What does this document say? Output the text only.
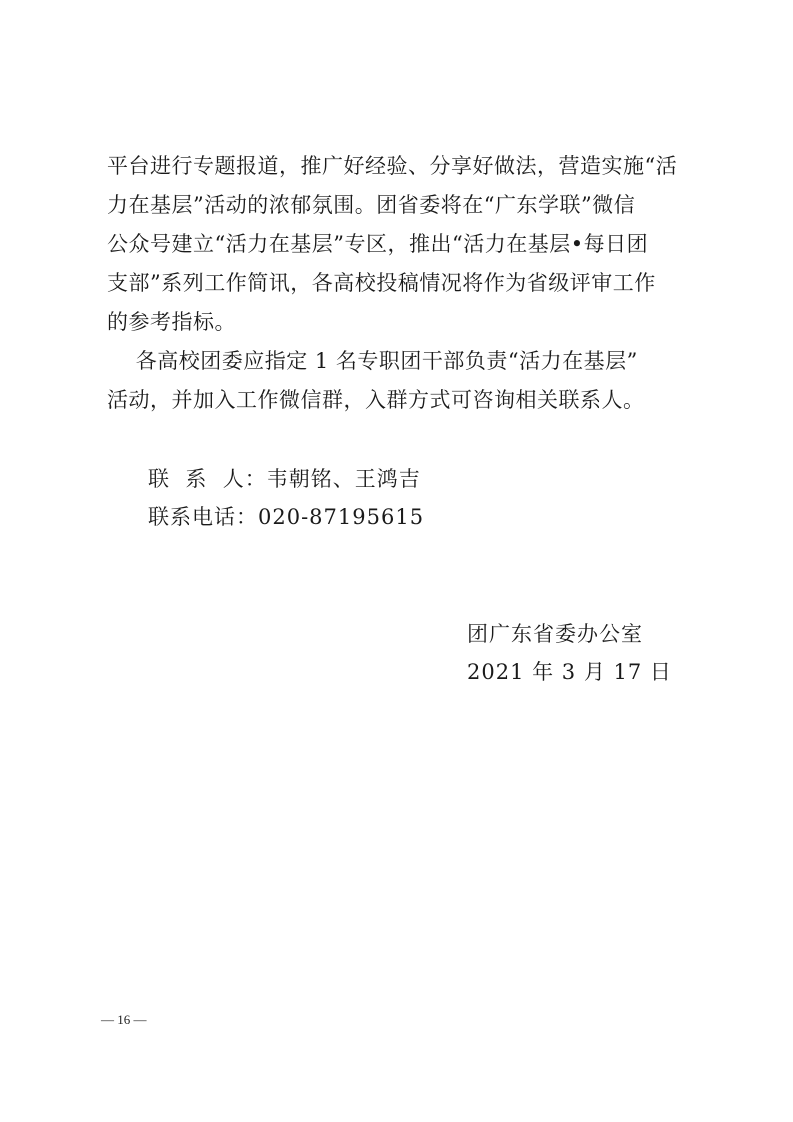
平台进行专题报道，推广好经验、分享好做法，营造实施“活
力在基层”活动的浓郁氛围。团省委将在“广东学联”微信
公众号建立“活力在基层”专区，推出“活力在基层•每日团
支部”系列工作简讯，各高校投稿情况将作为省级评审工作
的参考指标。
各高校团委应指定 1 名专职团干部负责“活力在基层”
活动，并加入工作微信群，入群方式可咨询相关联系人。
联  系  人：韦朝铭、王鸿吉
联系电话：020-87195615
团广东省委办公室
2021 年 3 月 17 日
— 16 —
